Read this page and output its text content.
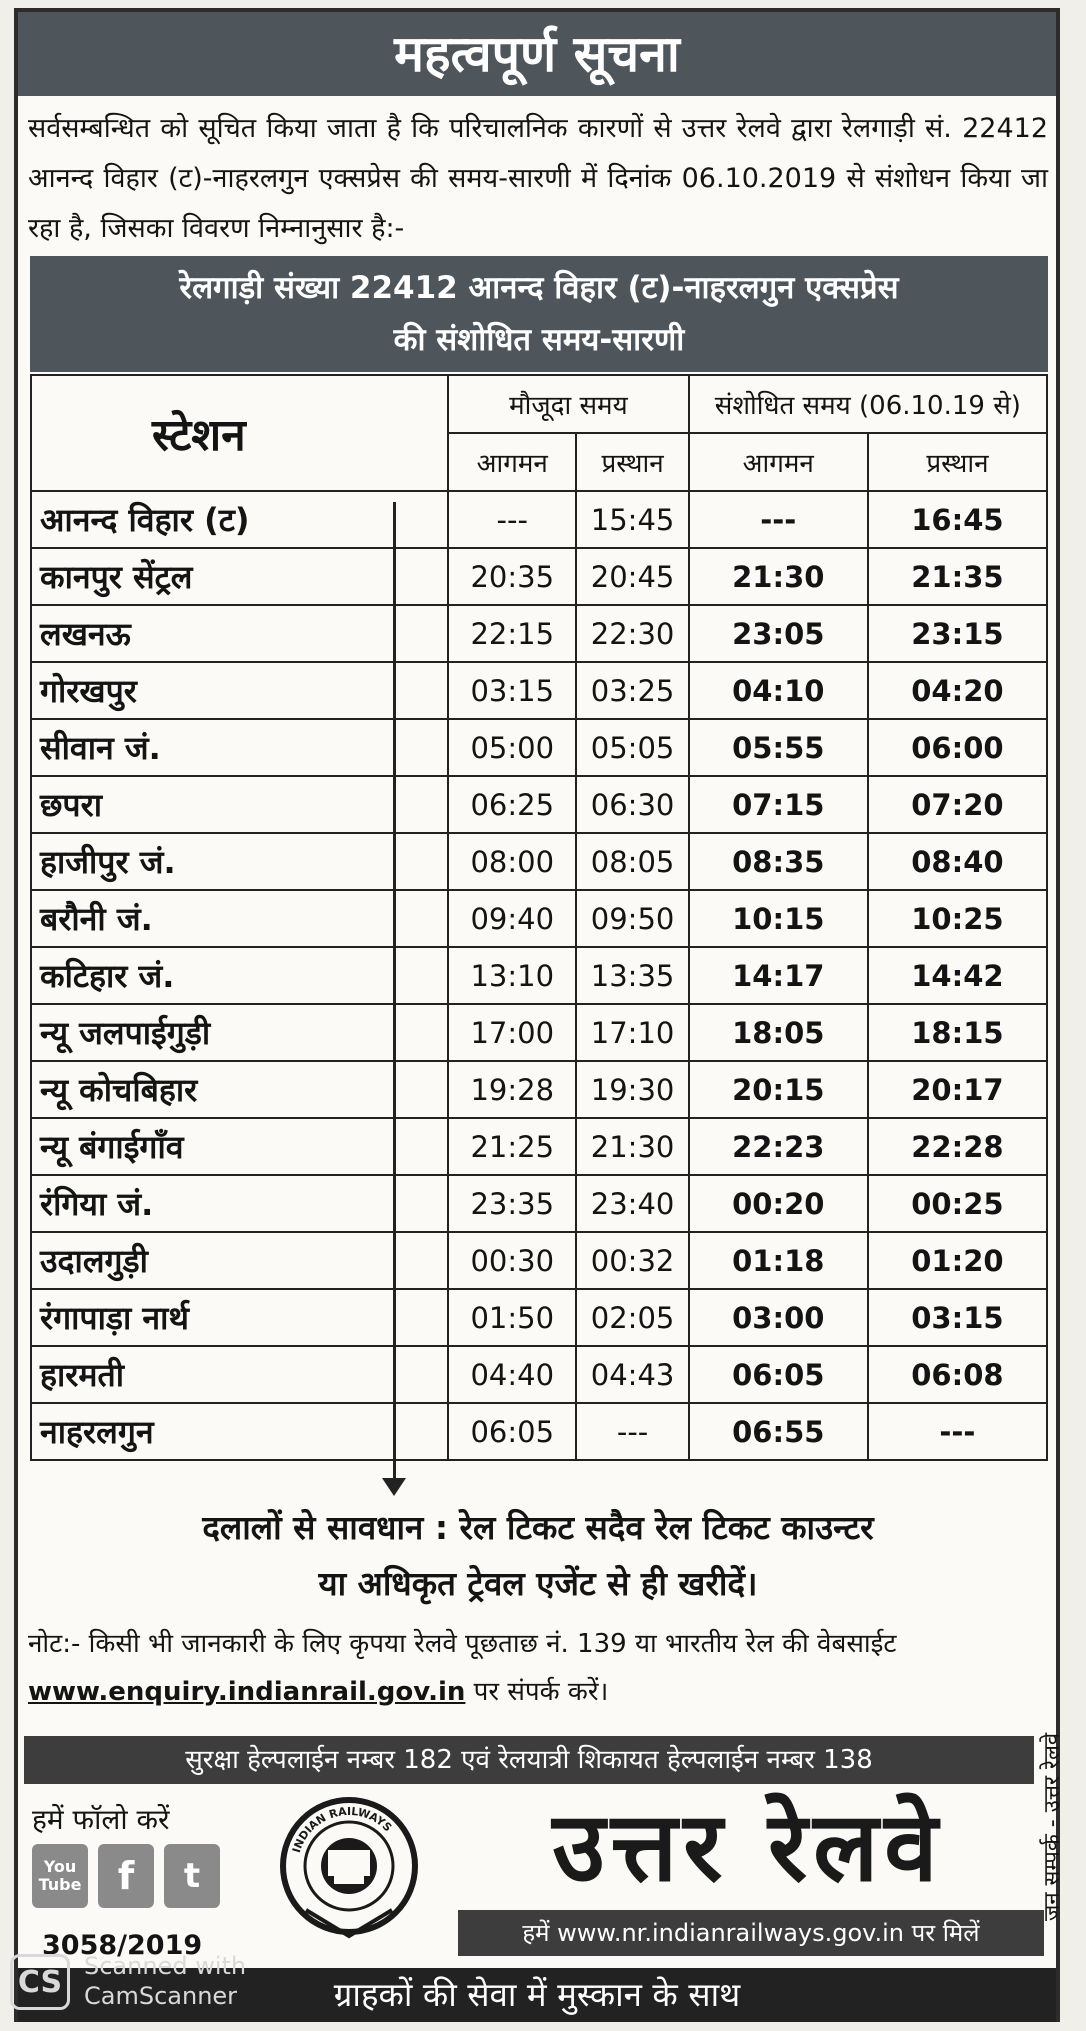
महत्वपूर्ण सूचना
सर्वसम्बन्धित को सूचित किया जाता है कि परिचालनिक कारणों से उत्तर रेलवे द्वारा रेलगाड़ी सं. 22412 आनन्द विहार (ट)-नाहरलगुन एक्सप्रेस की समय-सारणी में दिनांक 06.10.2019 से संशोधन किया जा रहा है, जिसका विवरण निम्नानुसार है:-
रेलगाड़ी संख्या 22412 आनन्द विहार (ट)-नाहरलगुन एक्सप्रेस
की संशोधित समय-सारणी
स्टेशन	मौजूदा समय		संशोधित समय (06.10.19 से)	
	आगमन	प्रस्थान	आगमन	प्रस्थान
आनन्द विहार (ट)	---	15:45	---	16:45
कानपुर सेंट्रल	20:35	20:45	21:30	21:35
लखनऊ	22:15	22:30	23:05	23:15
गोरखपुर	03:15	03:25	04:10	04:20
सीवान जं.	05:00	05:05	05:55	06:00
छपरा	06:25	06:30	07:15	07:20
हाजीपुर जं.	08:00	08:05	08:35	08:40
बरौनी जं.	09:40	09:50	10:15	10:25
कटिहार जं.	13:10	13:35	14:17	14:42
न्यू जलपाईगुड़ी	17:00	17:10	18:05	18:15
न्यू कोचबिहार	19:28	19:30	20:15	20:17
न्यू बंगाईगाँव	21:25	21:30	22:23	22:28
रंगिया जं.	23:35	23:40	00:20	00:25
उदालगुड़ी	00:30	00:32	01:18	01:20
रंगापाड़ा नार्थ	01:50	02:05	03:00	03:15
हारमती	04:40	04:43	06:05	06:08
नाहरलगुन	06:05	---	06:55	---
दलालों से सावधान : रेल टिकट सदैव रेल टिकट काउन्टर
या अधिकृत ट्रेवल एजेंट से ही खरीदें।
नोट:- किसी भी जानकारी के लिए कृपया रेलवे पूछताछ नं. 139 या भारतीय रेल की वेबसाईट www.enquiry.indianrail.gov.in पर संपर्क करें।
सुरक्षा हेल्पलाईन नम्बर 182 एवं रेलयात्री शिकायत हेल्पलाईन नम्बर 138
हमें फॉलो करें
You Tube f	t
3058/2019
INDIAN RAILWAYS	उत्तर रेलवे
हमें www.nr.indianrailways.gov.in पर मिलें
जन सम्पर्क - उत्तर रेलवे
ग्राहकों की सेवा में मुस्कान के साथ
CS Scanned with
CamScanner
